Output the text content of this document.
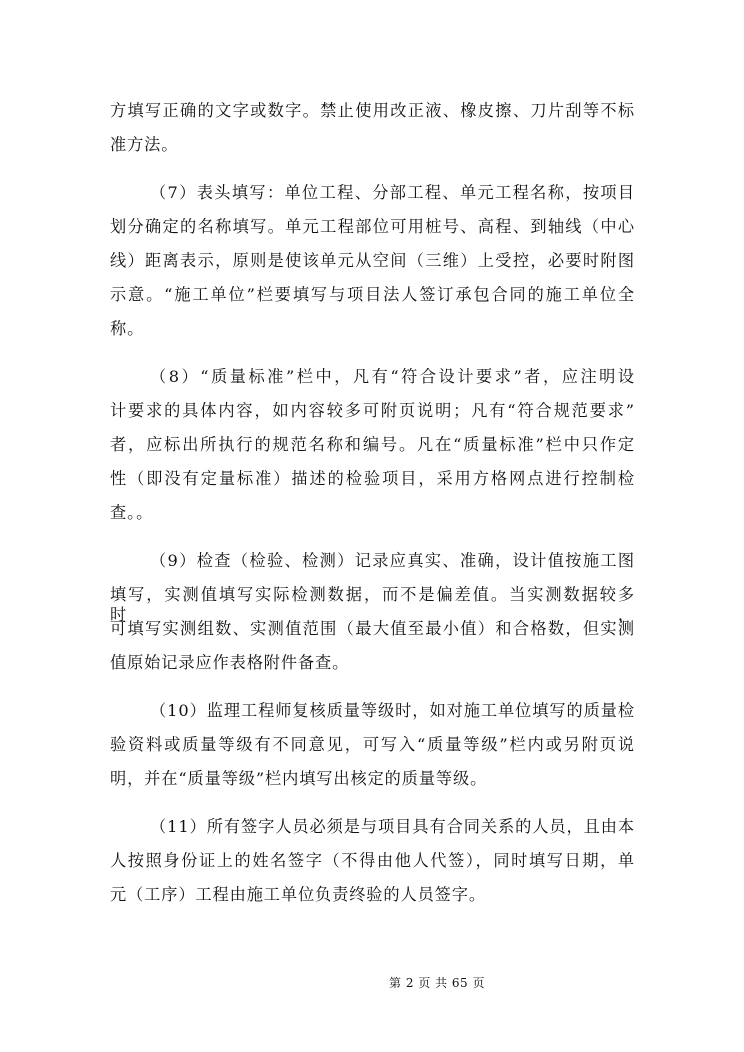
方填写正确的文字或数字。禁止使用改正液、橡皮擦、刀片刮等不标
准方法。
（7）表头填写：单位工程、分部工程、单元工程名称，按项目
划分确定的名称填写。单元工程部位可用桩号、高程、到轴线（中心
线）距离表示，原则是使该单元从空间（三维）上受控，必要时附图
示意。“施工单位”栏要填写与项目法人签订承包合同的施工单位全
称。
（8）“质量标准”栏中，凡有“符合设计要求”者，应注明设
计要求的具体内容，如内容较多可附页说明；凡有“符合规范要求”
者，应标出所执行的规范名称和编号。凡在“质量标准”栏中只作定
性（即没有定量标准）描述的检验项目，采用方格网点进行控制检
查。。
（9）检查（检验、检测）记录应真实、准确，设计值按施工图
填写，实测值填写实际检测数据，而不是偏差值。当实测数据较多时，
可填写实测组数、实测值范围（最大值至最小值）和合格数，但实测
值原始记录应作表格附件备查。
（10）监理工程师复核质量等级时，如对施工单位填写的质量检
验资料或质量等级有不同意见，可写入“质量等级”栏内或另附页说
明，并在“质量等级”栏内填写出核定的质量等级。
（11）所有签字人员必须是与项目具有合同关系的人员，且由本
人按照身份证上的姓名签字（不得由他人代签），同时填写日期，单
元（工序）工程由施工单位负责终验的人员签字。
第 2 页 共 65 页
